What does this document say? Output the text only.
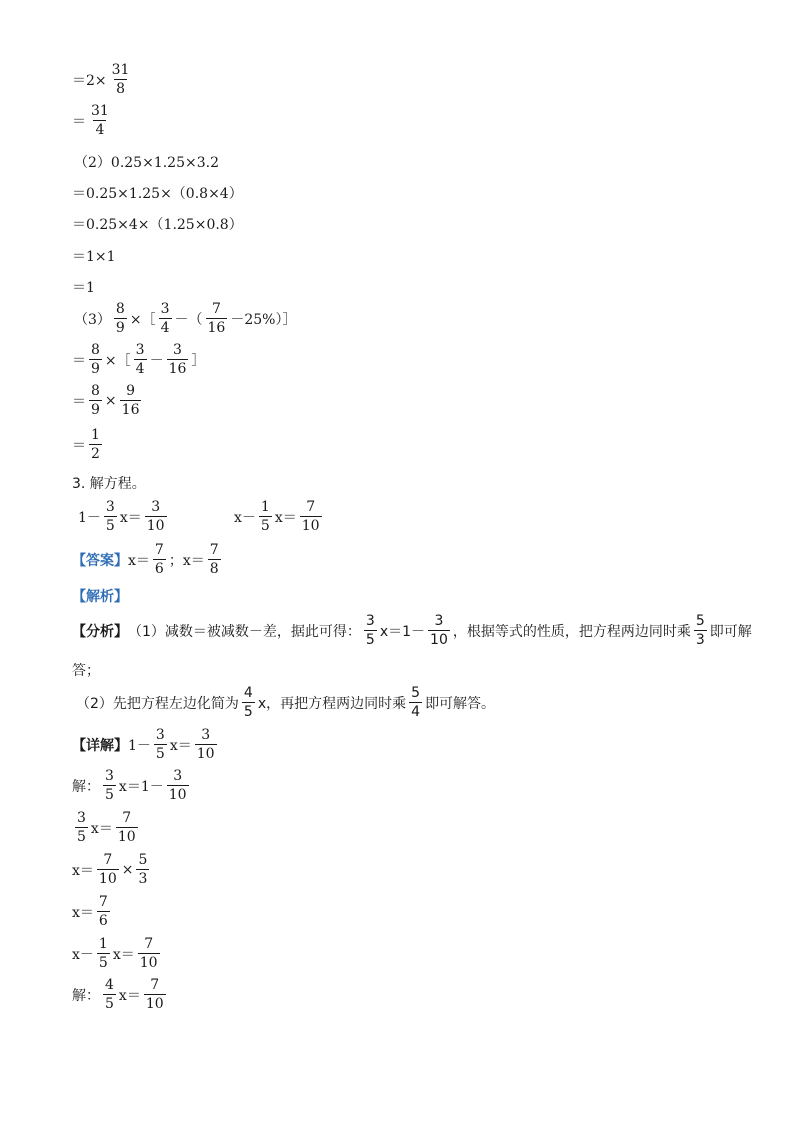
$=2\times \frac{31}{8}$
＝ $\frac{31}{4}$
（2）0.25×1.25×3.2
＝0.25×1.25×（0.8×4）
＝0.25×4×（1.25×0.8）
＝1×1
＝1
$(3) \frac{8}{9}$ ×［ $\frac{3}{4}$ －（ $\frac{7}{16}$ －25%）］
＝ $\frac{8}{9}$ ×［ $\frac{3}{4} - \frac{3}{16}$ ］
＝ $\frac{8}{9} \times \frac{9}{16}$
＝ $\frac{1}{2}$
3. 解方程。
$1- \frac{3}{5} x= \frac{3}{10}$	$x- \frac{1}{5} x= \frac{7}{10}$
【答案】 $x= \frac{7}{6}$ ；$x= \frac{7}{8}$
【解析】
【分析】 （1）减数＝被减数－差，据此可得： $\frac{3}{5} x=1- \frac{3}{10}$ ，根据等式的性质，把方程两边同时乘 $\frac{5}{3}$ 即可解
答；
（2）先把方程左边化简为 $\frac{4}{5}$ x，再把方程两边同时乘 $\frac{5}{4}$ 即可解答。
【详解】 $1- \frac{3}{5} x= \frac{3}{10}$
解： $\frac{3}{5} x=1- \frac{3}{10}$
$\frac{3}{5} x= \frac{7}{10}$
$x= \frac{7}{10} \times \frac{5}{3}$
$x= \frac{7}{6}$
$x- \frac{1}{5} x= \frac{7}{10}$
解： $\frac{4}{5} x= \frac{7}{10}$
